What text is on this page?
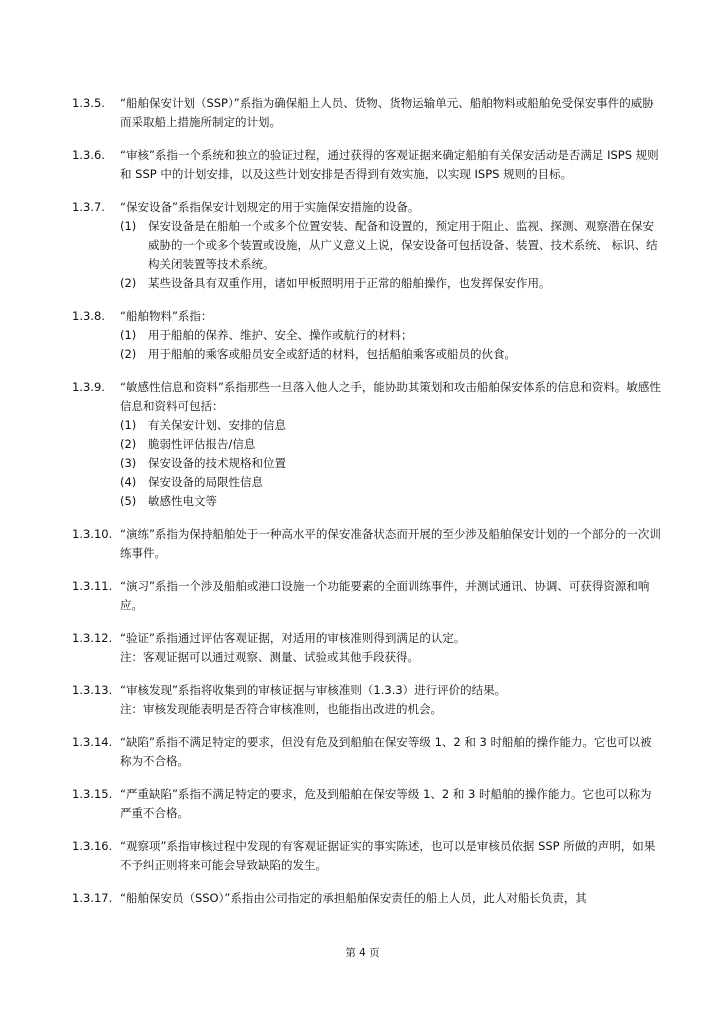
1.3.5. “船舶保安计划（SSP）”系指为确保船上人员、货物、货物运输单元、船舶物料或船舶免受保安事件的威胁而采取船上措施所制定的计划。
1.3.6. “审核”系指一个系统和独立的验证过程，通过获得的客观证据来确定船舶有关保安活动是否满足 ISPS 规则和 SSP 中的计划安排，以及这些计划安排是否得到有效实施，以实现 ISPS 规则的目标。
1.3.7. “保安设备”系指保安计划规定的用于实施保安措施的设备。
(1) 保安设备是在船舶一个或多个位置安装、配备和设置的，预定用于阻止、监视、探测、观察潜在保安威胁的一个或多个装置或设施，从广义意义上说，保安设备可包括设备、装置、技术系统、 标识、结构关闭装置等技术系统。
(2) 某些设备具有双重作用，诸如甲板照明用于正常的船舶操作，也发挥保安作用。
1.3.8. “船舶物料”系指：
(1) 用于船舶的保养、维护、安全、操作或航行的材料；
(2) 用于船舶的乘客或船员安全或舒适的材料，包括船舶乘客或船员的伙食。
1.3.9. “敏感性信息和资料”系指那些一旦落入他人之手，能协助其策划和攻击船舶保安体系的信息和资料。敏感性信息和资料可包括：
(1) 有关保安计划、安排的信息
(2) 脆弱性评估报告/信息
(3) 保安设备的技术规格和位置
(4) 保安设备的局限性信息
(5) 敏感性电文等
1.3.10. “演练”系指为保持船舶处于一种高水平的保安准备状态而开展的至少涉及船舶保安计划的一个部分的一次训练事件。
1.3.11. “演习”系指一个涉及船舶或港口设施一个功能要素的全面训练事件，并测试通讯、协调、可获得资源和响应。
1.3.12. “验证”系指通过评估客观证据，对适用的审核准则得到满足的认定。
注：客观证据可以通过观察、测量、试验或其他手段获得。
1.3.13. “审核发现”系指将收集到的审核证据与审核准则（1.3.3）进行评价的结果。
注：审核发现能表明是否符合审核准则，也能指出改进的机会。
1.3.14. “缺陷”系指不满足特定的要求，但没有危及到船舶在保安等级 1、2 和 3 时船舶的操作能力。它也可以被称为不合格。
1.3.15. “严重缺陷”系指不满足特定的要求，危及到船舶在保安等级 1、2 和 3 时船舶的操作能力。它也可以称为严重不合格。
1.3.16. “观察项”系指审核过程中发现的有客观证据证实的事实陈述，也可以是审核员依据 SSP 所做的声明，如果不予纠正则将来可能会导致缺陷的发生。
1.3.17. “船舶保安员（SSO）”系指由公司指定的承担船舶保安责任的船上人员，此人对船长负责，其
第 4 页
